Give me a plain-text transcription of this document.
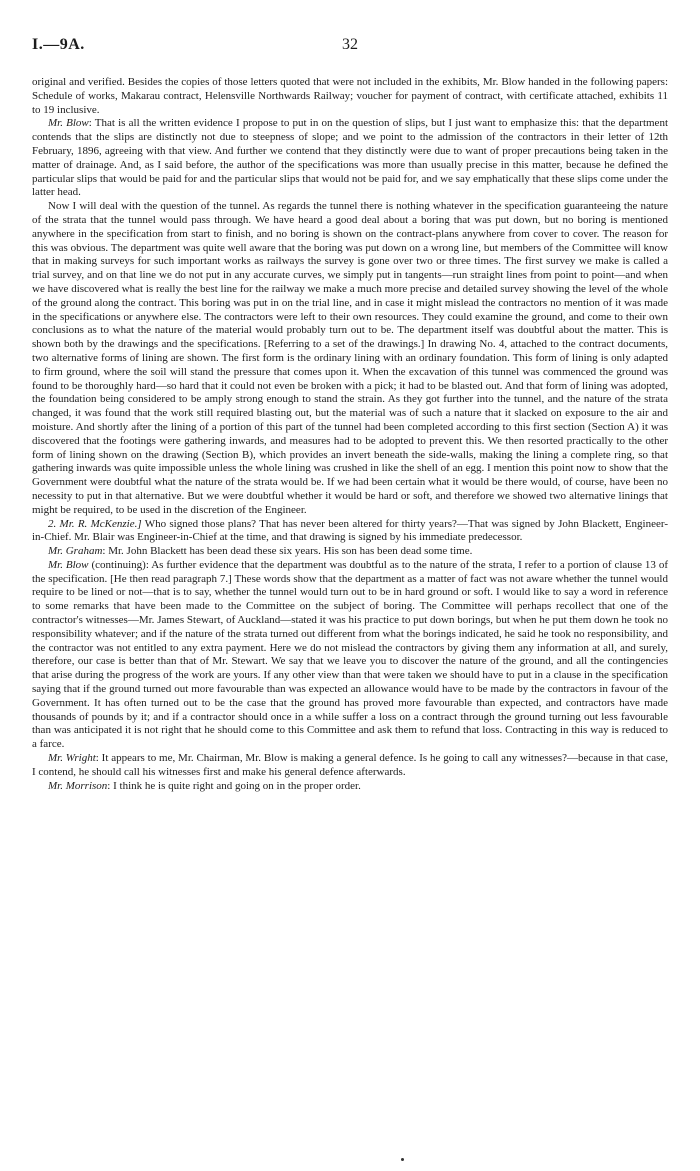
I.—9A.	32

original and verified. Besides the copies of those letters quoted that were not included in the exhibits, Mr. Blow handed in the following papers: Schedule of works, Makarau contract, Helensville Northwards Railway; voucher for payment of contract, with certificate attached, exhibits 11 to 19 inclusive.

Mr. Blow: That is all the written evidence I propose to put in on the question of slips, but I just want to emphasize this: that the department contends that the slips are distinctly not due to steepness of slope; and we point to the admission of the contractors in their letter of 12th February, 1896, agreeing with that view. And further we contend that they distinctly were due to want of proper precautions being taken in the matter of drainage. And, as I said before, the author of the specifications was more than usually precise in this matter, because he defined the particular slips that would be paid for and the particular slips that would not be paid for, and we say emphatically that these slips come under the latter head.

Now I will deal with the question of the tunnel. As regards the tunnel there is nothing whatever in the specification guaranteeing the nature of the strata that the tunnel would pass through. We have heard a good deal about a boring that was put down, but no boring is mentioned anywhere in the specification from start to finish, and no boring is shown on the contract-plans anywhere from cover to cover. The reason for this was obvious. The department was quite well aware that the boring was put down on a wrong line, but members of the Committee will know that in making surveys for such important works as railways the survey is gone over two or three times. The first survey we make is called a trial survey, and on that line we do not put in any accurate curves, we simply put in tangents—run straight lines from point to point—and when we have discovered what is really the best line for the railway we make a much more precise and detailed survey showing the level of the whole of the ground along the contract. This boring was put in on the trial line, and in case it might mislead the contractors no mention of it was made in the specifications or anywhere else. The contractors were left to their own resources. They could examine the ground, and come to their own conclusions as to what the nature of the material would probably turn out to be. The department itself was doubtful about the matter. This is shown both by the drawings and the specifications. [Referring to a set of the drawings.] In drawing No. 4, attached to the contract documents, two alternative forms of lining are shown. The first form is the ordinary lining with an ordinary foundation. This form of lining is only adapted to firm ground, where the soil will stand the pressure that comes upon it. When the excavation of this tunnel was commenced the ground was found to be thoroughly hard—so hard that it could not even be broken with a pick; it had to be blasted out. And that form of lining was adopted, the foundation being considered to be amply strong enough to stand the strain. As they got further into the tunnel, and the nature of the strata changed, it was found that the work still required blasting out, but the material was of such a nature that it slacked on exposure to the air and moisture. And shortly after the lining of a portion of this part of the tunnel had been completed according to this first section (Section A) it was discovered that the footings were gathering inwards, and measures had to be adopted to prevent this. We then resorted practically to the other form of lining shown on the drawing (Section B), which provides an invert beneath the side-walls, making the lining a complete ring, so that gathering inwards was quite impossible unless the whole lining was crushed in like the shell of an egg. I mention this point now to show that the Government were doubtful what the nature of the strata would be. If we had been certain what it would be there would, of course, have been no necessity to put in that alternative. But we were doubtful whether it would be hard or soft, and therefore we showed two alternative linings that might be required, to be used in the discretion of the Engineer.

2. Mr. R. McKenzie.] Who signed those plans? That has never been altered for thirty years?—That was signed by John Blackett, Engineer-in-Chief. Mr. Blair was Engineer-in-Chief at the time, and that drawing is signed by his immediate predecessor.

Mr. Graham: Mr. John Blackett has been dead these six years. His son has been dead some time.

Mr. Blow (continuing): As further evidence that the department was doubtful as to the nature of the strata, I refer to a portion of clause 13 of the specification. [He then read paragraph 7.] These words show that the department as a matter of fact was not aware whether the tunnel would require to be lined or not—that is to say, whether the tunnel would turn out to be in hard ground or soft. I would like to say a word in reference to some remarks that have been made to the Committee on the subject of boring. The Committee will perhaps recollect that one of the contractor's witnesses—Mr. James Stewart, of Auckland—stated it was his practice to put down borings, but when he put them down he took no responsibility whatever; and if the nature of the strata turned out different from what the borings indicated, he said he took no responsibility, and the contractor was not entitled to any extra payment. Here we do not mislead the contractors by giving them any information at all, and surely, therefore, our case is better than that of Mr. Stewart. We say that we leave you to discover the nature of the ground, and all the contingencies that arise during the progress of the work are yours. If any other view than that were taken we should have to put in a clause in the specification saying that if the ground turned out more favourable than was expected an allowance would have to be made by the contractors in favour of the Government. It has often turned out to be the case that the ground has proved more favourable than expected, and contractors have made thousands of pounds by it; and if a contractor should once in a while suffer a loss on a contract through the ground turning out less favourable than was anticipated it is not right that he should come to this Committee and ask them to refund that loss. Contracting in this way is reduced to a farce.

Mr. Wright: It appears to me, Mr. Chairman, Mr. Blow is making a general defence. Is he going to call any witnesses?—because in that case, I contend, he should call his witnesses first and make his general defence afterwards.

Mr. Morrison: I think he is quite right and going on in the proper order.
